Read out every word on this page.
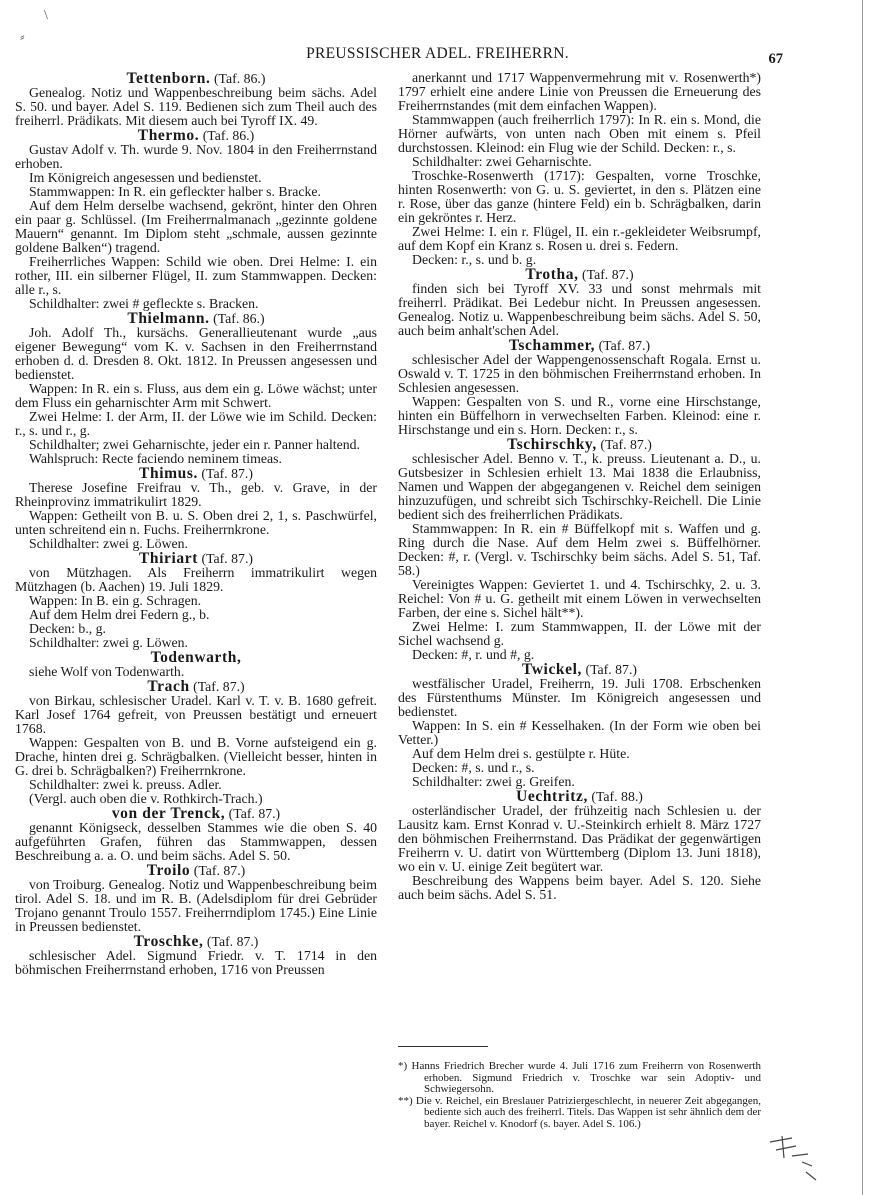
\
⸗
PREUSSISCHER ADEL. FREIHERRN.	67

Tettenborn. (Taf. 86.)

Genealog. Notiz und Wappenbeschreibung beim sächs. Adel S. 50. und bayer. Adel S. 119. Bedienen sich zum Theil auch des freiherrl. Prädikats. Mit diesem auch bei Tyroff IX. 49.

Thermo. (Taf. 86.)

Gustav Adolf v. Th. wurde 9. Nov. 1804 in den Freiherrnstand erhoben.

Im Königreich angesessen und bedienstet.

Stammwappen: In R. ein gefleckter halber s. Bracke.

Auf dem Helm derselbe wachsend, gekrönt, hinter den Ohren ein paar g. Schlüssel. (Im Freiherrnalmanach „gezinnte goldene Mauern“ genannt. Im Diplom steht „schmale, aussen gezinnte goldene Balken“) tragend.

Freiherrliches Wappen: Schild wie oben. Drei Helme: I. ein rother, III. ein silberner Flügel, II. zum Stammwappen. Decken: alle r., s.

Schildhalter: zwei # gefleckte s. Bracken.

Thielmann. (Taf. 86.)

Joh. Adolf Th., kursächs. Generallieutenant wurde „aus eigener Bewegung“ vom K. v. Sachsen in den Freiherrnstand erhoben d. d. Dresden 8. Okt. 1812. In Preussen angesessen und bedienstet.

Wappen: In R. ein s. Fluss, aus dem ein g. Löwe wächst; unter dem Fluss ein geharnischter Arm mit Schwert.

Zwei Helme: I. der Arm, II. der Löwe wie im Schild. Decken: r., s. und r., g.

Schildhalter; zwei Geharnischte, jeder ein r. Panner haltend.

Wahlspruch: Recte faciendo neminem timeas.

Thimus. (Taf. 87.)

Therese Josefine Freifrau v. Th., geb. v. Grave, in der Rheinprovinz immatrikulirt 1829.

Wappen: Getheilt von B. u. S. Oben drei 2, 1, s. Paschwürfel, unten schreitend ein n. Fuchs. Freiherrnkrone.

Schildhalter: zwei g. Löwen.

Thiriart (Taf. 87.)

von Mützhagen. Als Freiherrn immatrikulirt wegen Mützhagen (b. Aachen) 19. Juli 1829.

Wappen: In B. ein g. Schragen.

Auf dem Helm drei Federn g., b.

Decken: b., g.

Schildhalter: zwei g. Löwen.

Todenwarth,

siehe Wolf von Todenwarth.

Trach (Taf. 87.)

von Birkau, schlesischer Uradel. Karl v. T. v. B. 1680 gefreit. Karl Josef 1764 gefreit, von Preussen bestätigt und erneuert 1768.

Wappen: Gespalten von B. und B. Vorne aufsteigend ein g. Drache, hinten drei g. Schrägbalken. (Vielleicht besser, hinten in G. drei b. Schrägbalken?) Freiherrnkrone.

Schildhalter: zwei k. preuss. Adler.

(Vergl. auch oben die v. Rothkirch-Trach.)

von der Trenck, (Taf. 87.)

genannt Königseck, desselben Stammes wie die oben S. 40 aufgeführten Grafen, führen das Stammwappen, dessen Beschreibung a. a. O. und beim sächs. Adel S. 50.

Troilo (Taf. 87.)

von Troiburg. Genealog. Notiz und Wappenbeschreibung beim tirol. Adel S. 18. und im R. B. (Adelsdiplom für drei Gebrüder Trojano genannt Troulo 1557. Freiherrndiplom 1745.) Eine Linie in Preussen bedienstet.

Troschke, (Taf. 87.)

schlesischer Adel. Sigmund Friedr. v. T. 1714 in den böhmischen Freiherrnstand erhoben, 1716 von Preussen

anerkannt und 1717 Wappenvermehrung mit v. Rosenwerth*) 1797 erhielt eine andere Linie von Preussen die Erneuerung des Freiherrnstandes (mit dem einfachen Wappen).

Stammwappen (auch freiherrlich 1797): In R. ein s. Mond, die Hörner aufwärts, von unten nach Oben mit einem s. Pfeil durchstossen. Kleinod: ein Flug wie der Schild. Decken: r., s.

Schildhalter: zwei Geharnischte.

Troschke-Rosenwerth (1717): Gespalten, vorne Troschke, hinten Rosenwerth: von G. u. S. geviertet, in den s. Plätzen eine r. Rose, über das ganze (hintere Feld) ein b. Schrägbalken, darin ein gekröntes r. Herz.

Zwei Helme: I. ein r. Flügel, II. ein r.-gekleideter Weibsrumpf, auf dem Kopf ein Kranz s. Rosen u. drei s. Federn.

Decken: r., s. und b. g.

Trotha, (Taf. 87.)

finden sich bei Tyroff XV. 33 und sonst mehrmals mit freiherrl. Prädikat. Bei Ledebur nicht. In Preussen angesessen. Genealog. Notiz u. Wappenbeschreibung beim sächs. Adel S. 50, auch beim anhalt'schen Adel.

Tschammer, (Taf. 87.)

schlesischer Adel der Wappengenossenschaft Rogala. Ernst u. Oswald v. T. 1725 in den böhmischen Freiherrnstand erhoben. In Schlesien angesessen.

Wappen: Gespalten von S. und R., vorne eine Hirschstange, hinten ein Büffelhorn in verwechselten Farben. Kleinod: eine r. Hirschstange und ein s. Horn. Decken: r., s.

Tschirschky, (Taf. 87.)

schlesischer Adel. Benno v. T., k. preuss. Lieutenant a. D., u. Gutsbesizer in Schlesien erhielt 13. Mai 1838 die Erlaubniss, Namen und Wappen der abgegangenen v. Reichel dem seinigen hinzuzufügen, und schreibt sich Tschirschky-Reichell. Die Linie bedient sich des freiherrlichen Prädikats.

Stammwappen: In R. ein # Büffelkopf mit s. Waffen und g. Ring durch die Nase. Auf dem Helm zwei s. Büffelhörner. Decken: #, r. (Vergl. v. Tschirschky beim sächs. Adel S. 51, Taf. 58.)

Vereinigtes Wappen: Geviertet 1. und 4. Tschirschky, 2. u. 3. Reichel: Von # u. G. getheilt mit einem Löwen in verwechselten Farben, der eine s. Sichel hält**).

Zwei Helme: I. zum Stammwappen, II. der Löwe mit der Sichel wachsend g.

Decken: #, r. und #, g.

Twickel, (Taf. 87.)

westfälischer Uradel, Freiherrn, 19. Juli 1708. Erbschenken des Fürstenthums Münster. Im Königreich angesessen und bedienstet.

Wappen: In S. ein # Kesselhaken. (In der Form wie oben bei Vetter.)

Auf dem Helm drei s. gestülpte r. Hüte.

Decken: #, s. und r., s.

Schildhalter: zwei g. Greifen.

Uechtritz, (Taf. 88.)

osterländischer Uradel, der frühzeitig nach Schlesien u. der Lausitz kam. Ernst Konrad v. U.-Steinkirch erhielt 8. März 1727 den böhmischen Freiherrnstand. Das Prädikat der gegenwärtigen Freiherrn v. U. datirt von Württemberg (Diplom 13. Juni 1818), wo ein v. U. einige Zeit begütert war.

Beschreibung des Wappens beim bayer. Adel S. 120. Siehe auch beim sächs. Adel S. 51.

*) Hanns Friedrich Brecher wurde 4. Juli 1716 zum Freiherrn von Rosenwerth erhoben. Sigmund Friedrich v. Troschke war sein Adoptiv- und Schwiegersohn.

**) Die v. Reichel, ein Breslauer Patriziergeschlecht, in neuerer Zeit abgegangen, bediente sich auch des freiherrl. Titels. Das Wappen ist sehr ähnlich dem der bayer. Reichel v. Knodorf (s. bayer. Adel S. 106.)
